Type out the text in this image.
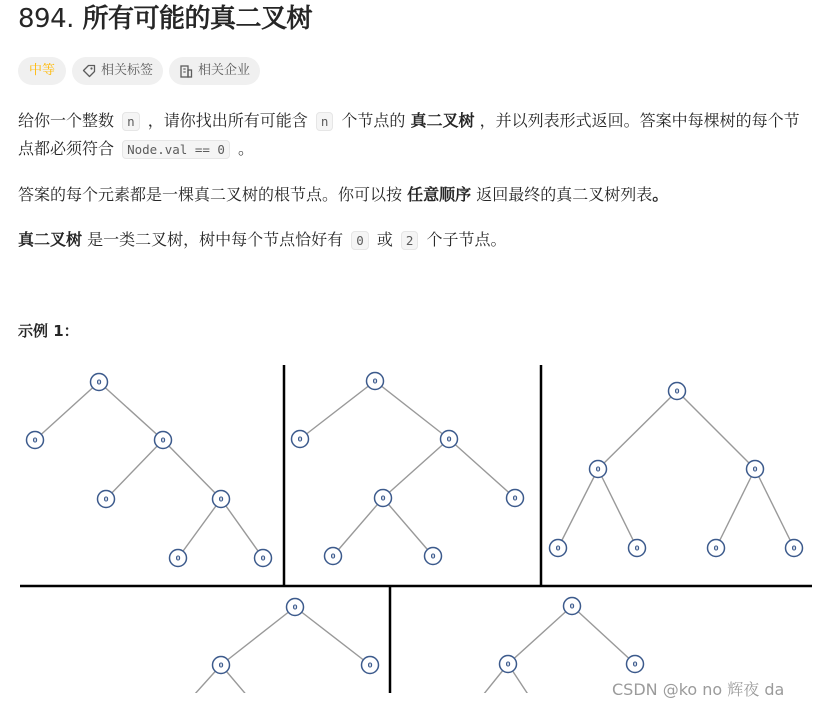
894. 所有可能的真二叉树
中等	相关标签	相关企业

给你一个整数 n ，请你找出所有可能含 n 个节点的 真二叉树 ，并以列表形式返回。答案中每棵树的每个节点都必须符合 Node.val == 0 。

答案的每个元素都是一棵真二叉树的根节点。你可以按 任意顺序 返回最终的真二叉树列表。

真二叉树 是一类二叉树，树中每个节点恰好有 0 或 2 个子节点。

示例 1：

0
0	0
0	0
0	0
0
0	0
0	0
0	0
0
0	0
0	0	0	0
0
0	0
0
0	0
CSDN @ko no 辉夜 da
